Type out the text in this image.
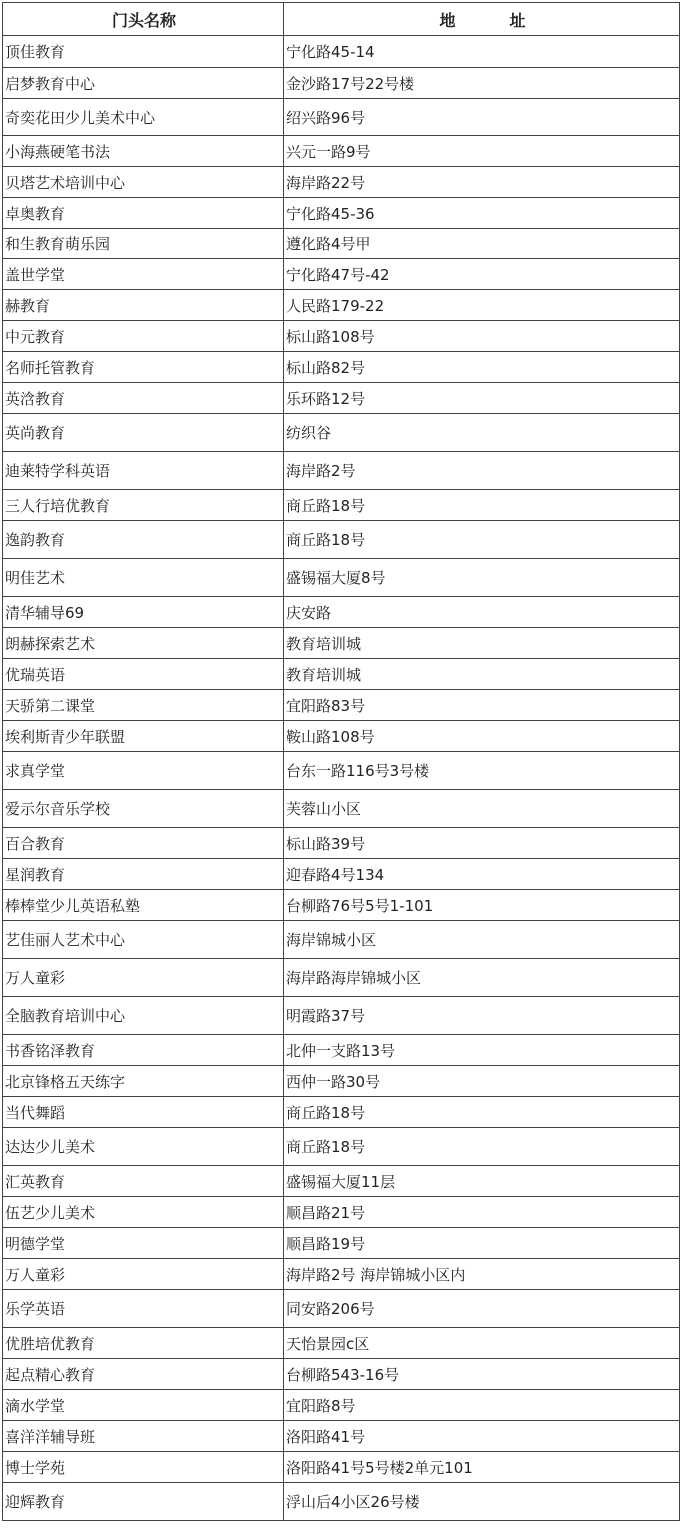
门头名称	地 址
顶佳教育	宁化路45-14
启梦教育中心	金沙路17号22号楼
奇奕花田少儿美术中心	绍兴路96号
小海燕硬笔书法	兴元一路9号
贝塔艺术培训中心	海岸路22号
卓奥教育	宁化路45-36
和生教育萌乐园	遵化路4号甲
盖世学堂	宁化路47号-42
赫教育	人民路179-22
中元教育	标山路108号
名师托管教育	标山路82号
英浛教育	乐环路12号
英尚教育	纺织谷
迪莱特学科英语	海岸路2号
三人行培优教育	商丘路18号
逸韵教育	商丘路18号
明佳艺术	盛锡福大厦8号
清华辅导69	庆安路
朗赫探索艺术	教育培训城
优瑞英语	教育培训城
天骄第二课堂	宜阳路83号
埃利斯青少年联盟	鞍山路108号
求真学堂	台东一路116号3号楼
爱示尔音乐学校	芙蓉山小区
百合教育	标山路39号
星润教育	迎春路4号134
棒棒堂少儿英语私塾	台柳路76号5号1-101
艺佳丽人艺术中心	海岸锦城小区
万人童彩	海岸路海岸锦城小区
全脑教育培训中心	明霞路37号
书香铭泽教育	北仲一支路13号
北京锋格五天练字	西仲一路30号
当代舞蹈	商丘路18号
达达少儿美术	商丘路18号
汇英教育	盛锡福大厦11层
伍艺少儿美术	顺昌路21号
明德学堂	顺昌路19号
万人童彩	海岸路2号 海岸锦城小区内
乐学英语	同安路206号
优胜培优教育	天怡景园c区
起点精心教育	台柳路543-16号
滴水学堂	宜阳路8号
喜洋洋辅导班	洛阳路41号
博士学苑	洛阳路41号5号楼2单元101
迎辉教育	浮山后4小区26号楼
